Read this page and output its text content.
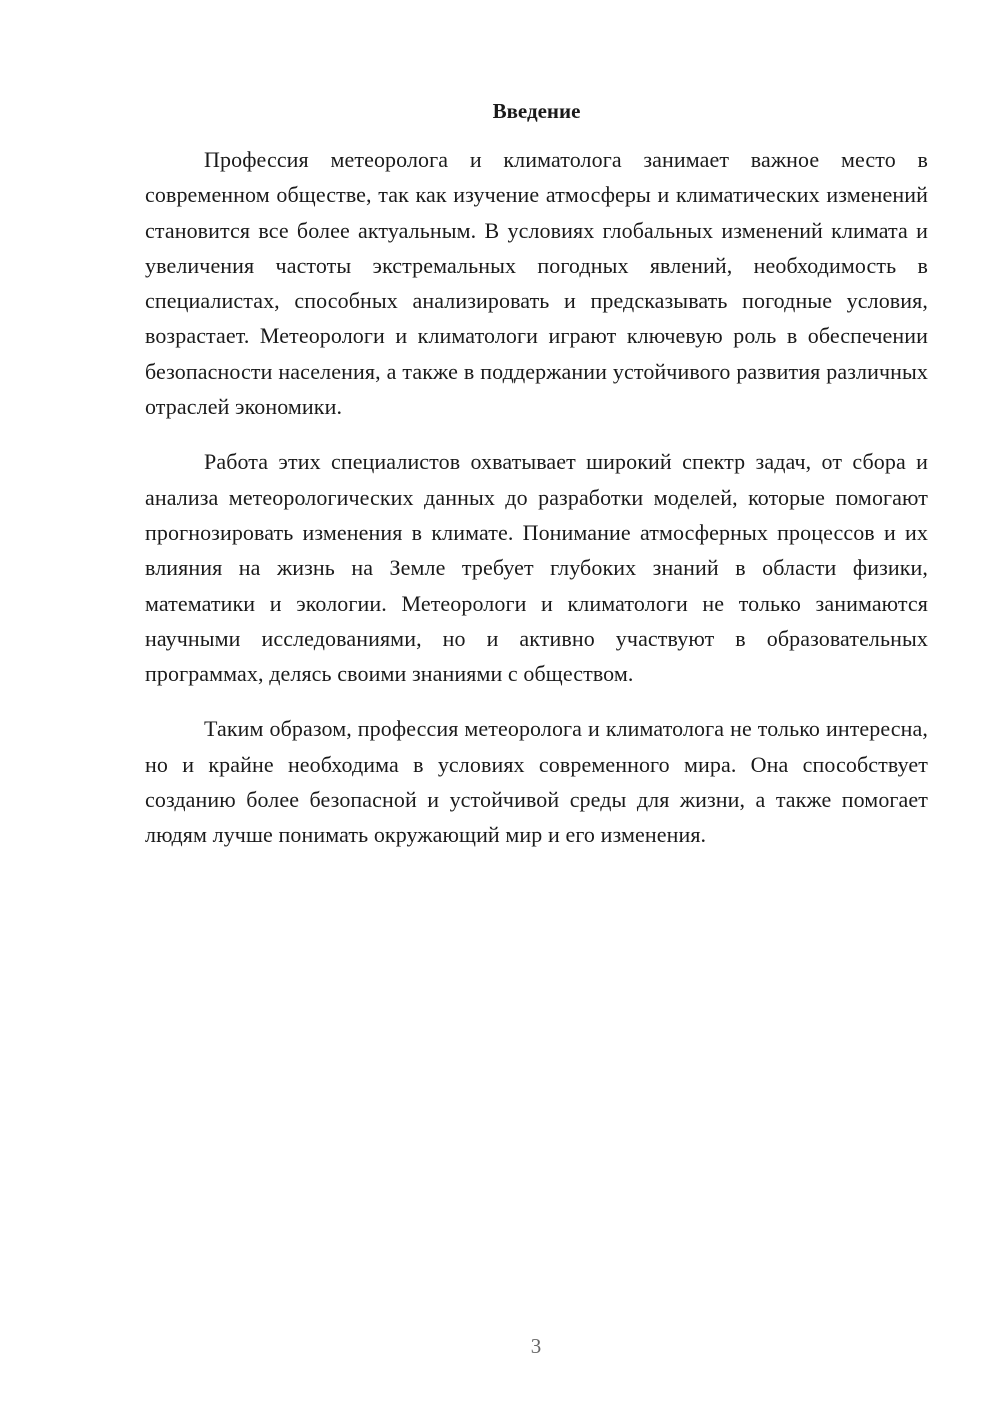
Введение

Профессия метеоролога и климатолога занимает важное место в современном обществе, так как изучение атмосферы и климатических изменений становится все более актуальным. В условиях глобальных изменений климата и увеличения частоты экстремальных погодных явлений, необходимость в специалистах, способных анализировать и предсказывать погодные условия, возрастает. Метеорологи и климатологи играют ключевую роль в обеспечении безопасности населения, а также в поддержании устойчивого развития различных отраслей экономики.

Работа этих специалистов охватывает широкий спектр задач, от сбора и анализа метеорологических данных до разработки моделей, которые помогают прогнозировать изменения в климате. Понимание атмосферных процессов и их влияния на жизнь на Земле требует глубоких знаний в области физики, математики и экологии. Метеорологи и климатологи не только занимаются научными исследованиями, но и активно участвуют в образовательных программах, делясь своими знаниями с обществом.

Таким образом, профессия метеоролога и климатолога не только интересна, но и крайне необходима в условиях современного мира. Она способствует созданию более безопасной и устойчивой среды для жизни, а также помогает людям лучше понимать окружающий мир и его изменения.

3
